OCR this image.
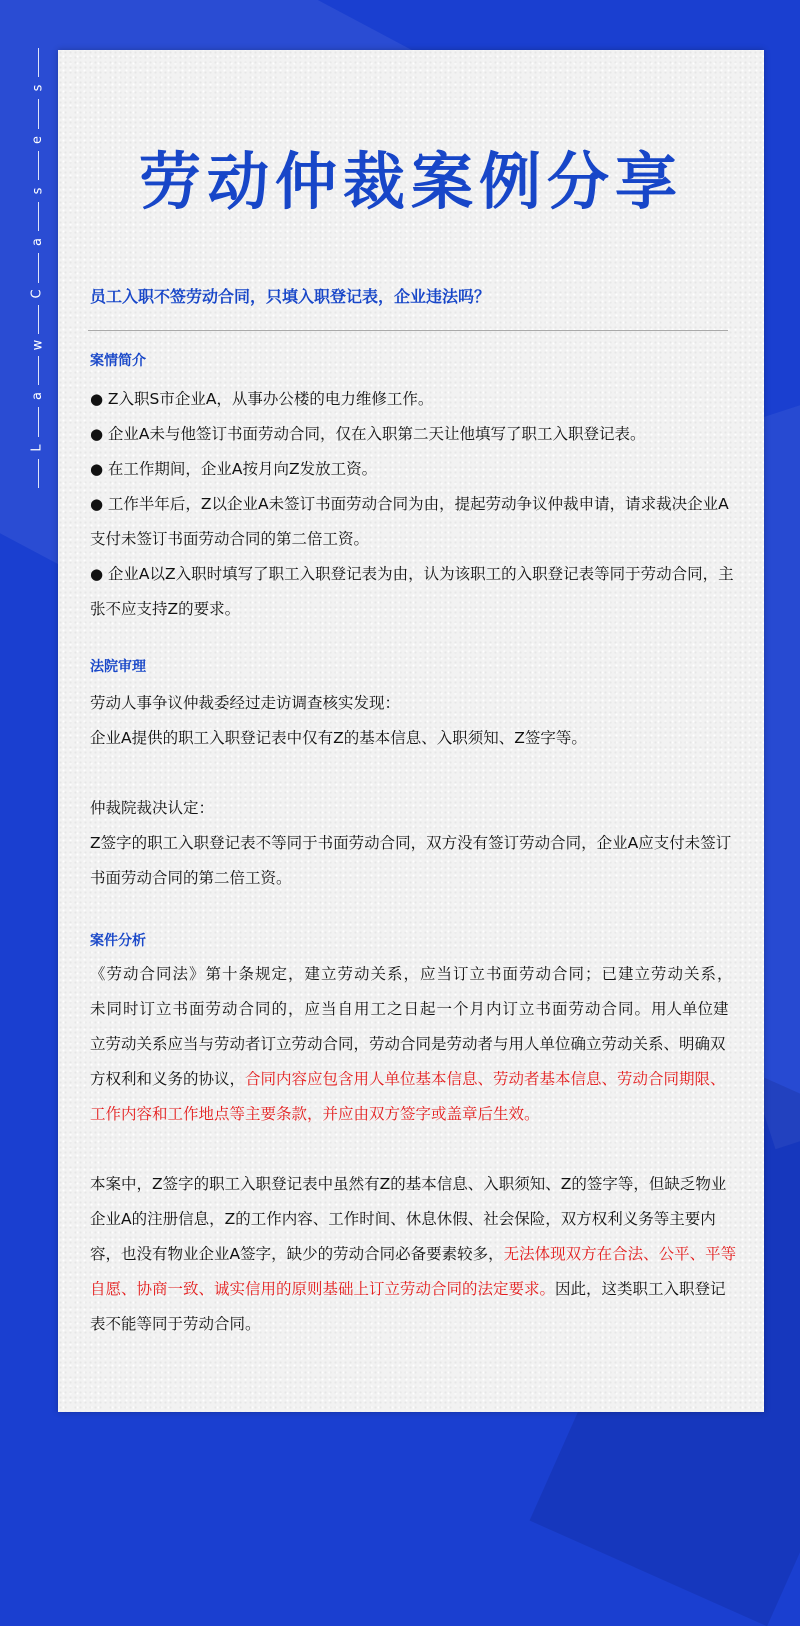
s
e
s
a
C
w
a
L
劳动仲裁案例分享
员工入职不签劳动合同，只填入职登记表，企业违法吗？
案情简介
● Z入职S市企业A，从事办公楼的电力维修工作。
● 企业A未与他签订书面劳动合同，仅在入职第二天让他填写了职工入职登记表。
● 在工作期间，企业A按月向Z发放工资。
● 工作半年后，Z以企业A未签订书面劳动合同为由，提起劳动争议仲裁申请，请求裁决企业A支付未签订书面劳动合同的第二倍工资。
● 企业A以Z入职时填写了职工入职登记表为由，认为该职工的入职登记表等同于劳动合同，主张不应支持Z的要求。
法院审理
劳动人事争议仲裁委经过走访调查核实发现：
企业A提供的职工入职登记表中仅有Z的基本信息、入职须知、Z签字等。
仲裁院裁决认定：
Z签字的职工入职登记表不等同于书面劳动合同，双方没有签订劳动合同，企业A应支付未签订书面劳动合同的第二倍工资。
案件分析

《劳动合同法》第十条规定，建立劳动关系，应当订立书面劳动合同；已建立劳动关系，未同时订立书面劳动合同的，应当自用工之日起一个月内订立书面劳动合同。用人单位建立劳动关系应当与劳动者订立劳动合同，劳动合同是劳动者与用人单位确立劳动关系、明确双方权利和义务的协议，合同内容应包含用人单位基本信息、劳动者基本信息、劳动合同期限、工作内容和工作地点等主要条款，并应由双方签字或盖章后生效。

本案中，Z签字的职工入职登记表中虽然有Z的基本信息、入职须知、Z的签字等，但缺乏物业企业A的注册信息，Z的工作内容、工作时间、休息休假、社会保险，双方权利义务等主要内容，也没有物业企业A签字，缺少的劳动合同必备要素较多，无法体现双方在合法、公平、平等自愿、协商一致、诚实信用的原则基础上订立劳动合同的法定要求。因此，这类职工入职登记表不能等同于劳动合同。
